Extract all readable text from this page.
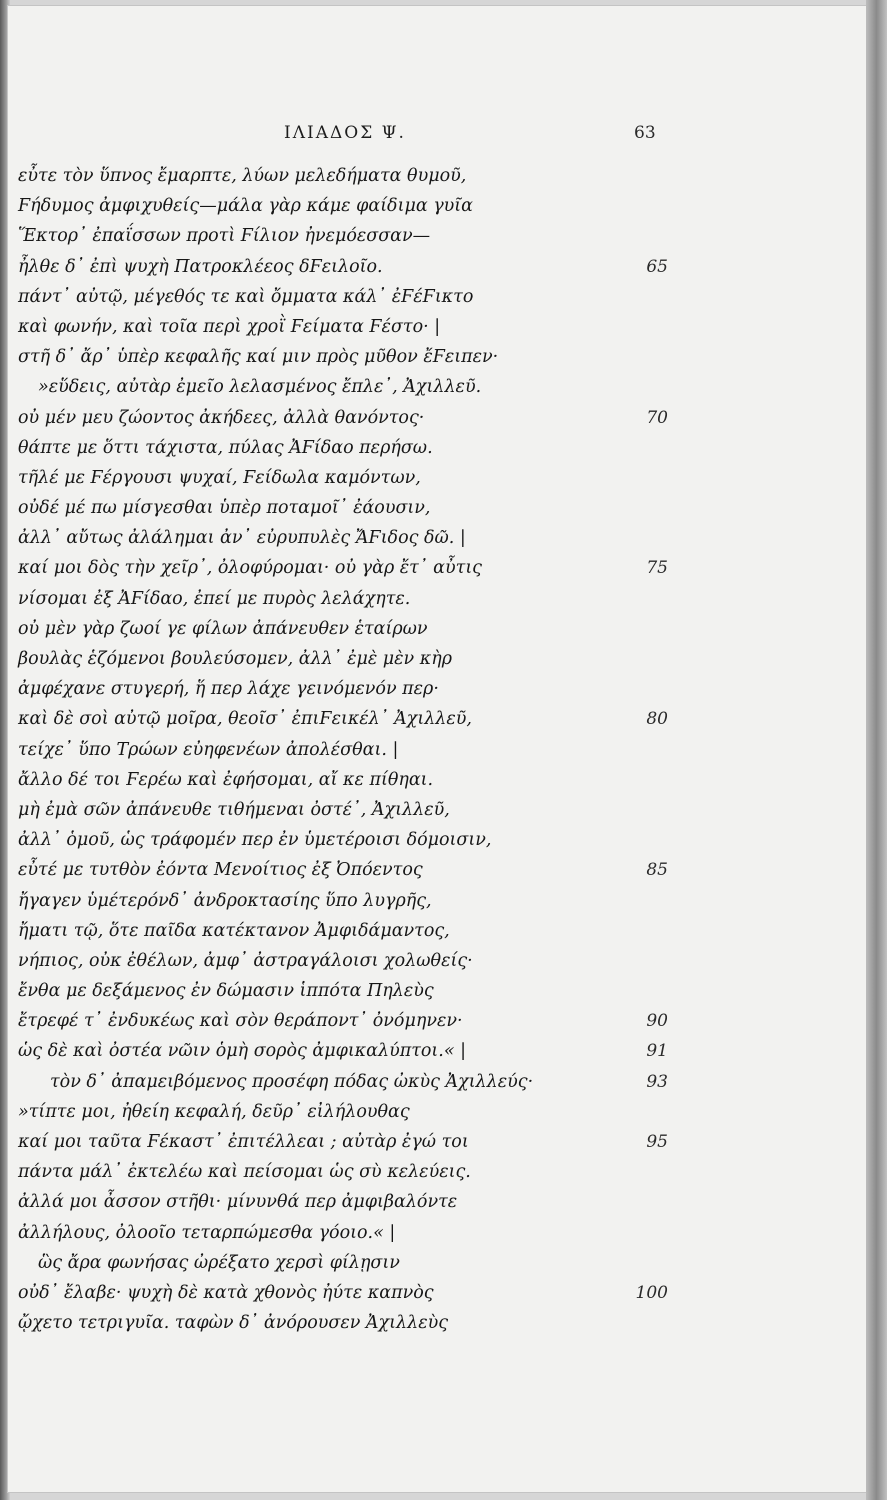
ΙΛΙΑΔΟΣ Ψ.	63
εὖτε τὸν ὕπνος ἔμαρπτε, λύων μελεδήματα θυμοῦ,
Ϝήδυμος ἀμφιχυθείς—μάλα γὰρ κάμε φαίδιμα γυῖα
Ἕκτορ᾽ ἐπαΐσσων προτὶ Ϝίλιον ἠνεμόεσσαν—
ἦλθε δ᾽ ἐπὶ ψυχὴ Πατροκλέεος δϜειλοῖο.	65
πάντ᾽ αὐτῷ, μέγεθός τε καὶ ὄμματα κάλ᾽ ἐϜέϜικτο
καὶ φωνήν, καὶ τοῖα περὶ χροῒ Ϝείματα Ϝέστο· |
στῆ δ᾽ ἄρ᾽ ὑπὲρ κεφαλῆς καί μιν πρὸς μῦθον ἔϜειπεν·
»εὕδεις, αὐτὰρ ἐμεῖο λελασμένος ἔπλε᾽, Ἀχιλλεῦ.
οὐ μέν μευ ζώοντος ἀκήδεες, ἀλλὰ θανόντος·	70
θάπτε με ὅττι τάχιστα, πύλας ἈϜίδαο περήσω.
τῆλέ με Ϝέργουσι ψυχαί, Ϝείδωλα καμόντων,
οὐδέ μέ πω μίσγεσθαι ὑπὲρ ποταμοῖ᾽ ἐάουσιν,
ἀλλ᾽ αὔτως ἀλάλημαι ἀν᾽ εὐρυπυλὲς ἌϜιδος δῶ. |
καί μοι δὸς τὴν χεῖρ᾽, ὀλοφύρομαι· οὐ γὰρ ἔτ᾽ αὖτις	75
νίσομαι ἐξ ἈϜίδαο, ἐπεί με πυρὸς λελάχητε.
οὐ μὲν γὰρ ζωοί γε φίλων ἀπάνευθεν ἑταίρων
βουλὰς ἑζόμενοι βουλεύσομεν, ἀλλ᾽ ἐμὲ μὲν κὴρ
ἀμφέχανε στυγερή, ἥ περ λάχε γεινόμενόν περ·
καὶ δὲ σοὶ αὐτῷ μοῖρα, θεοῖσ᾽ ἐπιϜεικέλ᾽ Ἀχιλλεῦ,	80
τείχε᾽ ὕπο Τρώων εὐηφενέων ἀπολέσθαι. |
ἄλλο δέ τοι Ϝερέω καὶ ἐφήσομαι, αἴ κε πίθηαι.
μὴ ἐμὰ σῶν ἀπάνευθε τιθήμεναι ὀστέ᾽, Ἀχιλλεῦ,
ἀλλ᾽ ὁμοῦ, ὡς τράφομέν περ ἐν ὑμετέροισι δόμοισιν,
εὖτέ με τυτθὸν ἐόντα Μενοίτιος ἐξ Ὀπόεντος	85
ἤγαγεν ὑμέτερόνδ᾽ ἀνδροκτασίης ὕπο λυγρῆς,
ἤματι τῷ, ὅτε παῖδα κατέκτανον Ἀμφιδάμαντος,
νήπιος, οὐκ ἐθέλων, ἀμφ᾽ ἀστραγάλοισι χολωθείς·
ἔνθα με δεξάμενος ἐν δώμασιν ἱππότα Πηλεὺς
ἔτρεφέ τ᾽ ἐνδυκέως καὶ σὸν θεράποντ᾽ ὀνόμηνεν·	90
ὡς δὲ καὶ ὀστέα νῶιν ὁμὴ σορὸς ἀμφικαλύπτοι.« |	91
τὸν δ᾽ ἀπαμειβόμενος προσέφη πόδας ὠκὺς Ἀχιλλεύς·	93
»τίπτε μοι, ἠθείη κεφαλή, δεῦρ᾽ εἰλήλουθας
καί μοι ταῦτα Ϝέκαστ᾽ ἐπιτέλλεαι ; αὐτὰρ ἐγώ τοι	95
πάντα μάλ᾽ ἐκτελέω καὶ πείσομαι ὡς σὺ κελεύεις.
ἀλλά μοι ἆσσον στῆθι· μίνυνθά περ ἀμφιβαλόντε
ἀλλήλους, ὀλοοῖο τεταρπώμεσθα γόοιο.« |
ὣς ἄρα φωνήσας ὠρέξατο χερσὶ φίλῃσιν
οὐδ᾽ ἔλαβε· ψυχὴ δὲ κατὰ χθονὸς ἠύτε καπνὸς	100
ᾤχετο τετριγυῖα. ταφὼν δ᾽ ἀνόρουσεν Ἀχιλλεὺς
